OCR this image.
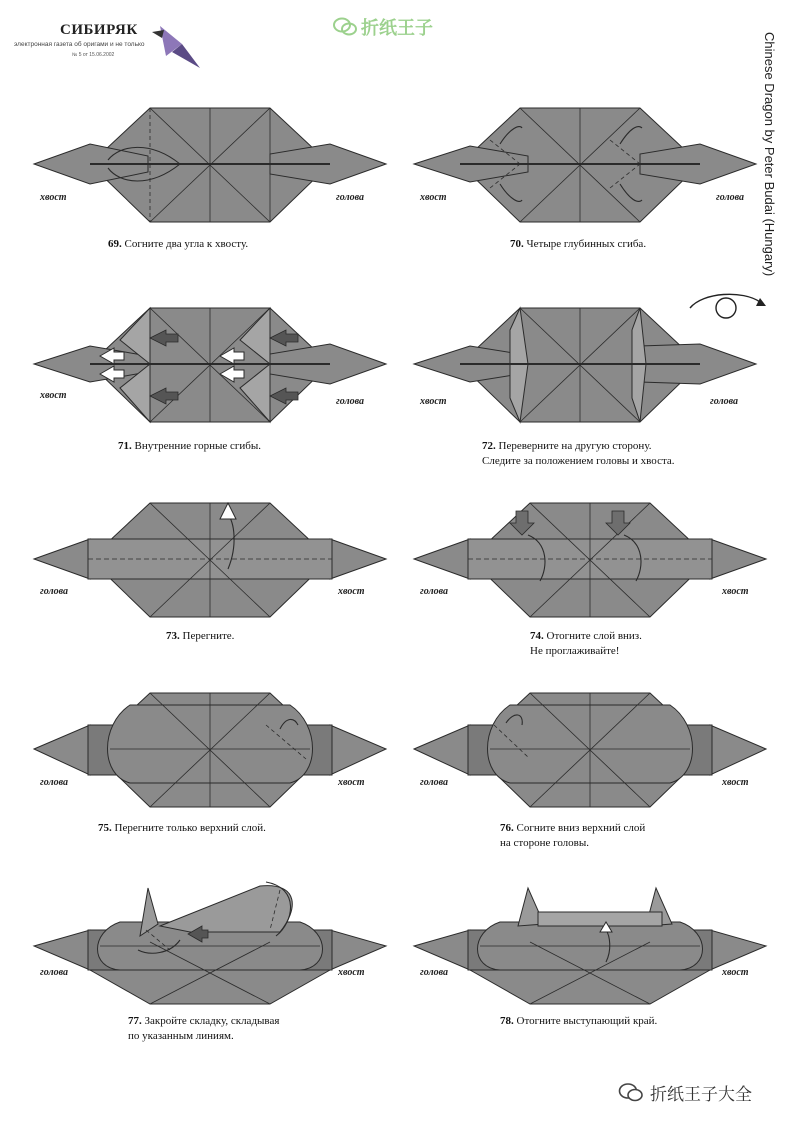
СИБИРЯК
электронная газета об оригами и не только
№ 5 от 15.06.2002
折纸王子
Chinese Dragon by Peter Budai (Hungary)
хвост	голова
69. Согните два угла к хвосту.
хвост	голова
70. Четыре глубинных сгиба.
хвост
голова
71. Внутренние горные сгибы.
хвост	голова
72. Переверните на другую сторону.
Следите за положением головы и хвоста.
голова	хвост
73. Перегните.
голова	хвост
74. Отогните слой вниз.
Не проглаживайте!
голова	хвост
75. Перегните только верхний слой.
голова	хвост
76. Согните вниз верхний слой
на стороне головы.
голова	хвост
77. Закройте складку, складывая
по указанным линиям.
голова	хвост
78. Отогните выступающий край.
折纸王子大全
